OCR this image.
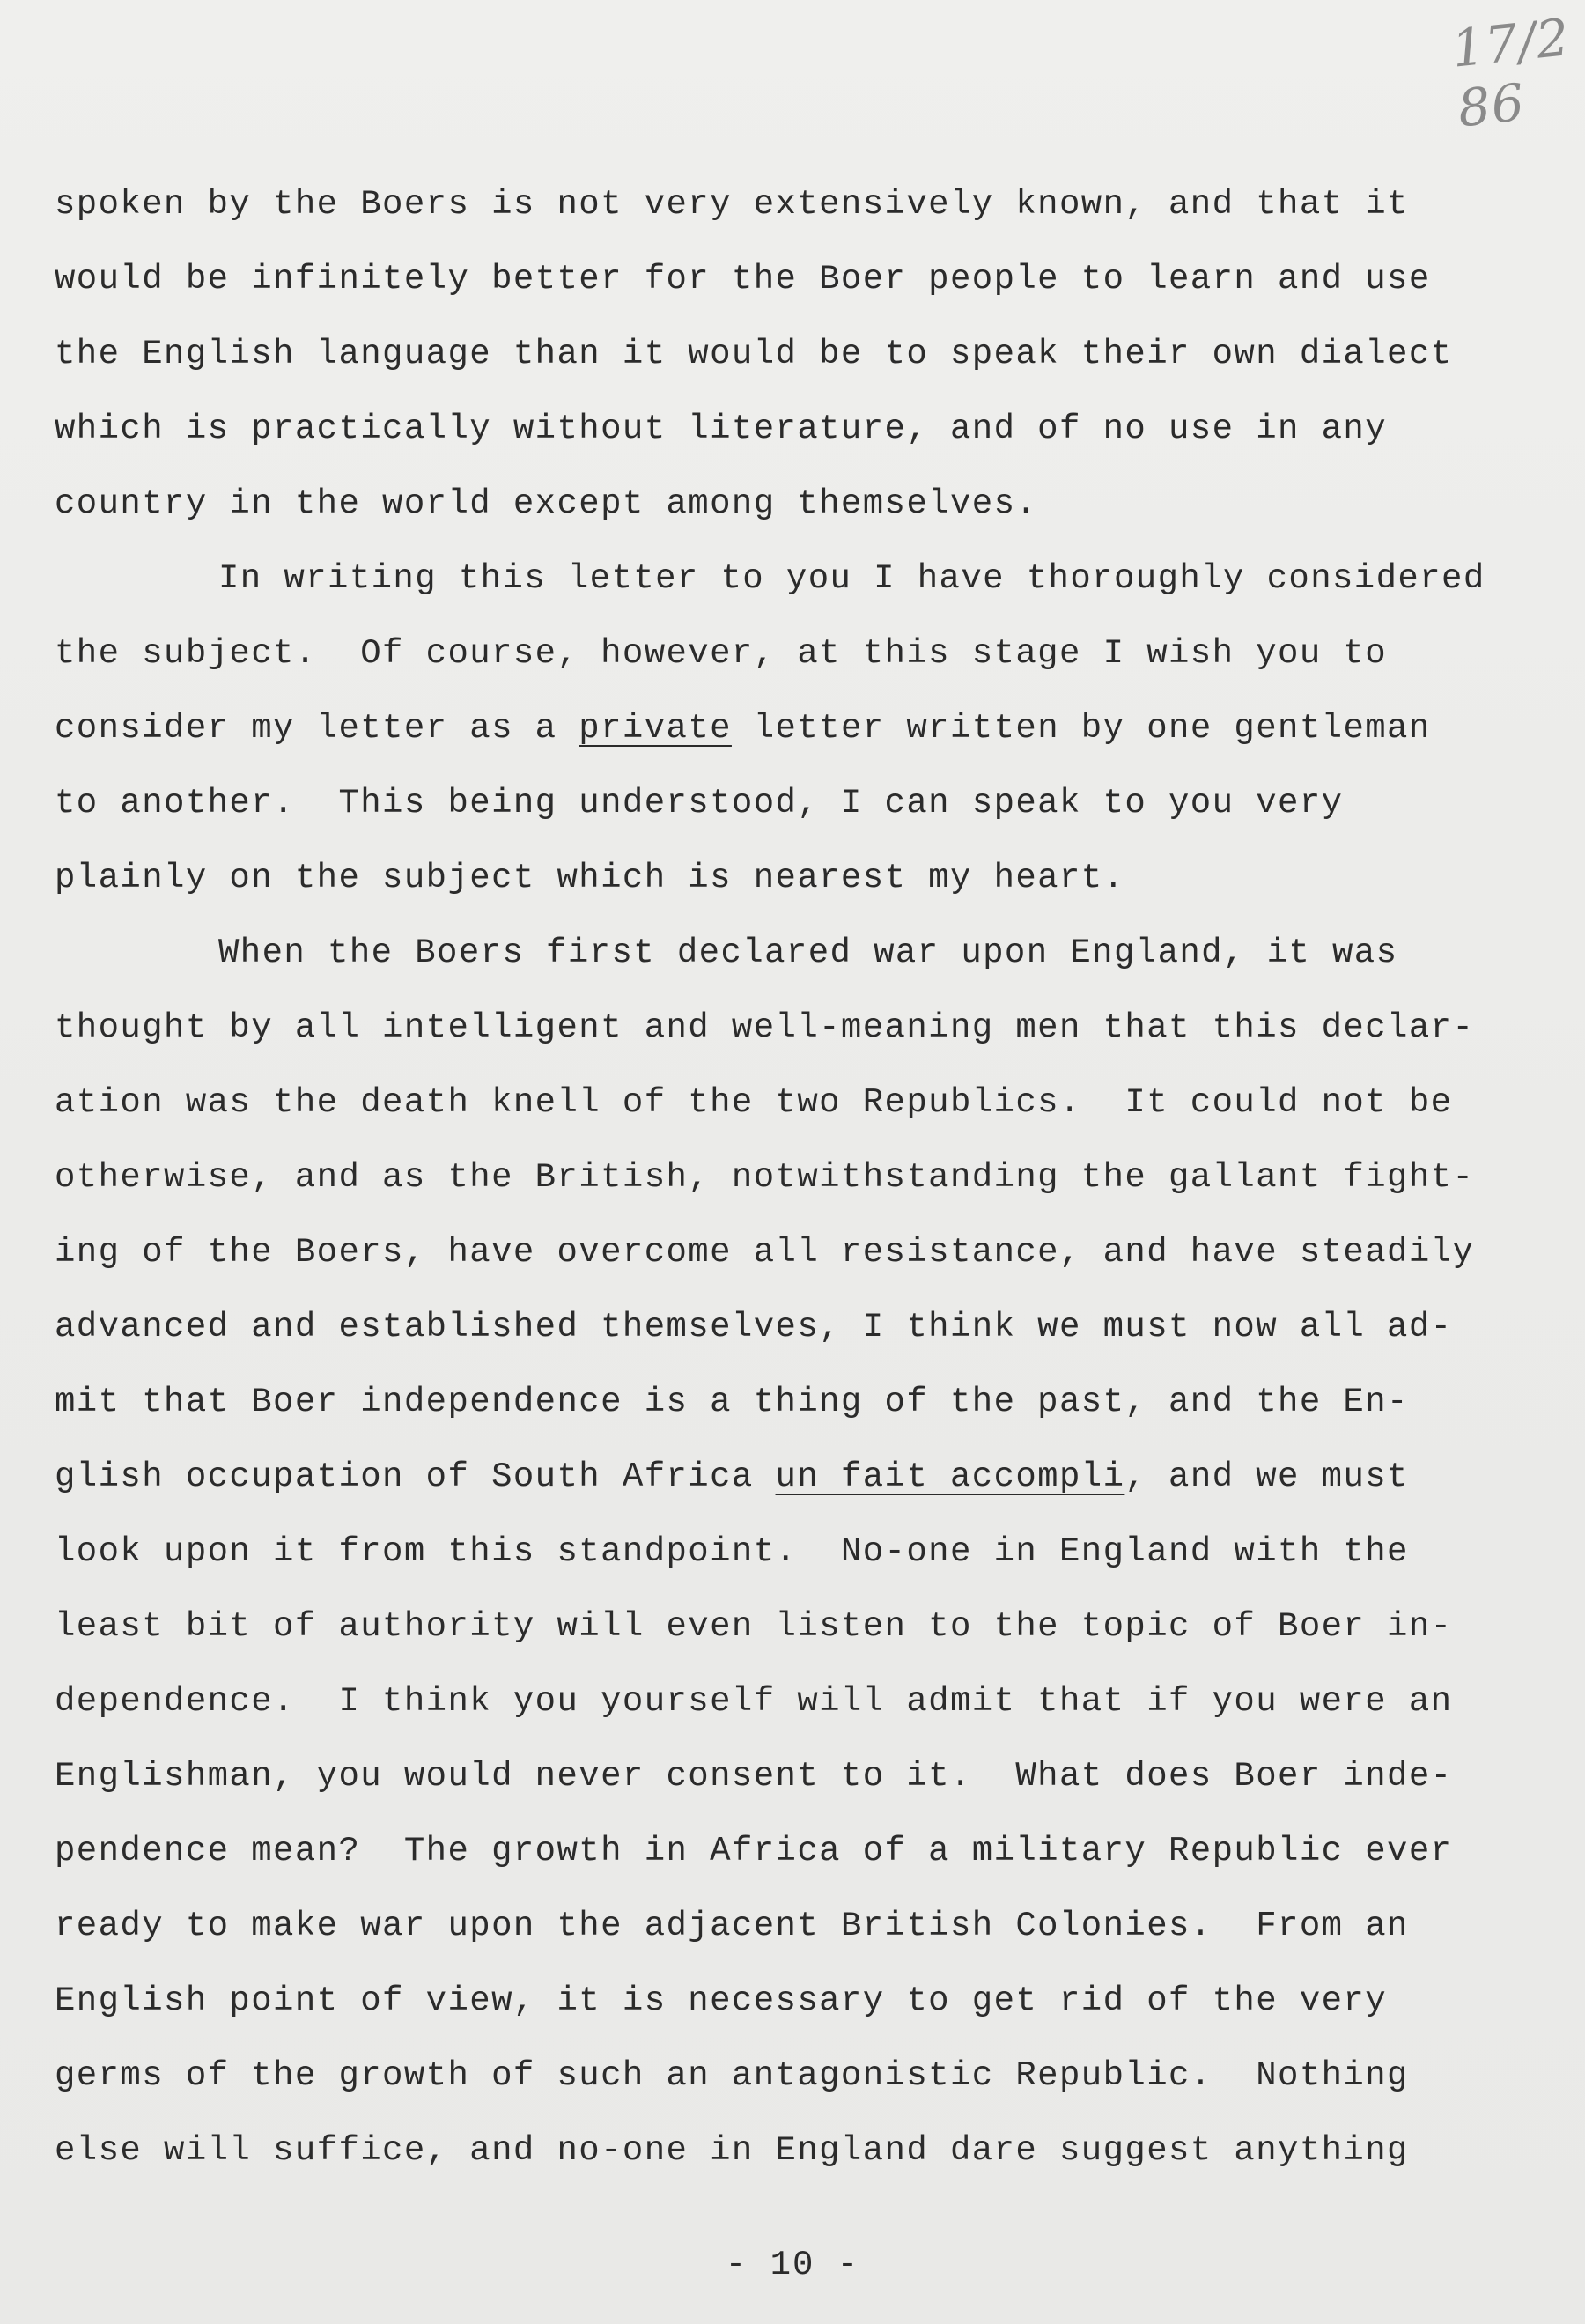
17/2 86
spoken by the Boers is not very extensively known, and that it
would be infinitely better for the Boer people to learn and use
the English language than it would be to speak their own dialect
which is practically without literature, and of no use in any
country in the world except among themselves.
In writing this letter to you I have thoroughly considered
the subject.  Of course, however, at this stage I wish you to
consider my letter as a private letter written by one gentleman
to another.  This being understood, I can speak to you very
plainly on the subject which is nearest my heart.
When the Boers first declared war upon England, it was
thought by all intelligent and well-meaning men that this declar-
ation was the death knell of the two Republics.  It could not be
otherwise, and as the British, notwithstanding the gallant fight-
ing of the Boers, have overcome all resistance, and have steadily
advanced and established themselves, I think we must now all ad-
mit that Boer independence is a thing of the past, and the En-
glish occupation of South Africa un fait accompli, and we must
look upon it from this standpoint.  No-one in England with the
least bit of authority will even listen to the topic of Boer in-
dependence.  I think you yourself will admit that if you were an
Englishman, you would never consent to it.  What does Boer inde-
pendence mean?  The growth in Africa of a military Republic ever
ready to make war upon the adjacent British Colonies.  From an
English point of view, it is necessary to get rid of the very
germs of the growth of such an antagonistic Republic.  Nothing
else will suffice, and no-one in England dare suggest anything
- 10 -
